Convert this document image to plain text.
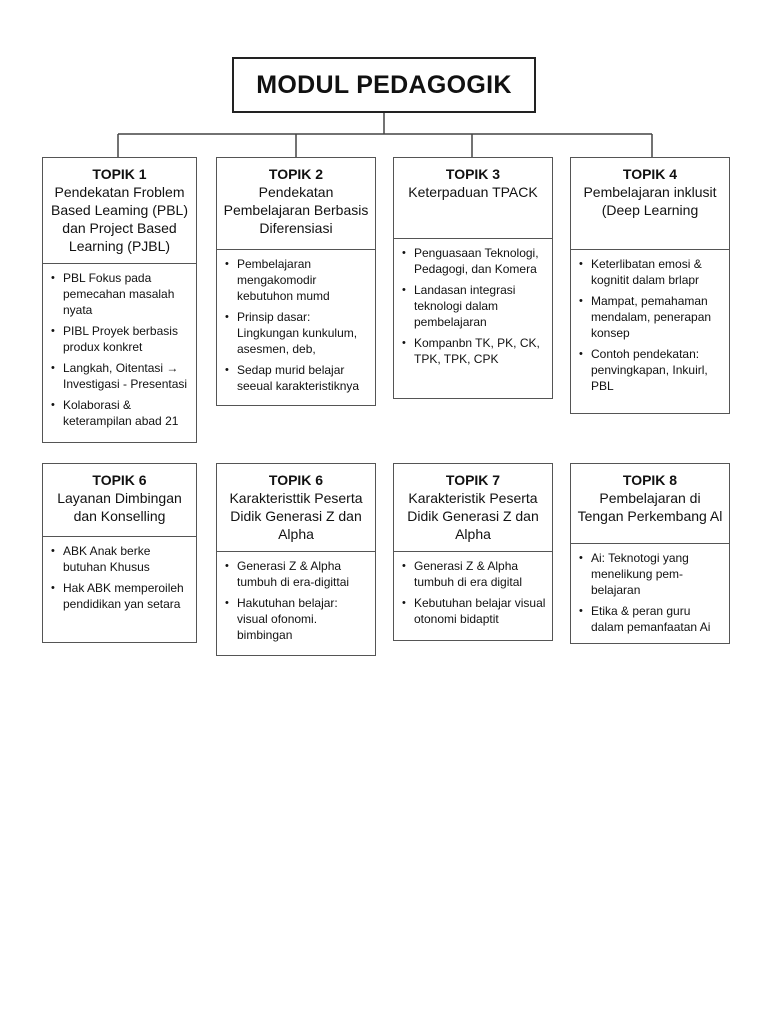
MODUL PEDAGOGIK
TOPIK 1
Pendekatan Froblem Based Leaming (PBL) dan Project Based Learning (PJBL)
• PBL Fokus pada pemecahan masalah nyata
• PIBL Proyek berbasis produx konkret
• Langkah, Oitentasi → Investigasi - Presentasi
• Kolaborasi & keterampilan abad 21
TOPIK 2
Pendekatan Pembelajaran Berbasis Diferensiasi
• Pembelajaran mengakomodir kebutuhon mumd
• Prinsip dasar: Lingkungan kunkulum, asesmen, deb,
• Sedap murid belajar seeual karakteristiknya
TOPIK 3
Keterpaduan TPACK
• Penguasaan Teknologi, Pedagogi, dan Komera
• Landasan integrasi teknologi dalam pembelajaran
• Kompanbn TK, PK, CK, TPK, TPK, CPK
TOPIK 4
Pembelajaran inklusit (Deep Learning
• Keterlibatan emosi & kognitit dalam brlapr
• Mampat, pemahaman mendalam, penerapan konsep
• Contoh pendekatan: penvingkapan, Inkuirl, PBL
TOPIK 6
Layanan Dimbingan dan Konselling
• ABK Anak berke butuhan Khusus
• Hak ABK memperoileh pendidikan yan setara
TOPIK 6
Karakteristtik Peserta Didik Generasi Z dan Alpha
• Generasi Z & Alpha tumbuh di era-digittai
• Hakutuhan belajar: visual ofonomi. bimbingan
TOPIK 7
Karakteristik Peserta Didik Generasi Z dan Alpha
• Generasi Z & Alpha tumbuh di era digital
• Kebutuhan belajar visual otonomi bidaptit
TOPIK 8
Pembelajaran di Tengan Perkembang Al
• Ai: Teknotogi yang menelikung pem-belajaran
• Etika & peran guru dalam pemanfaatan Ai
